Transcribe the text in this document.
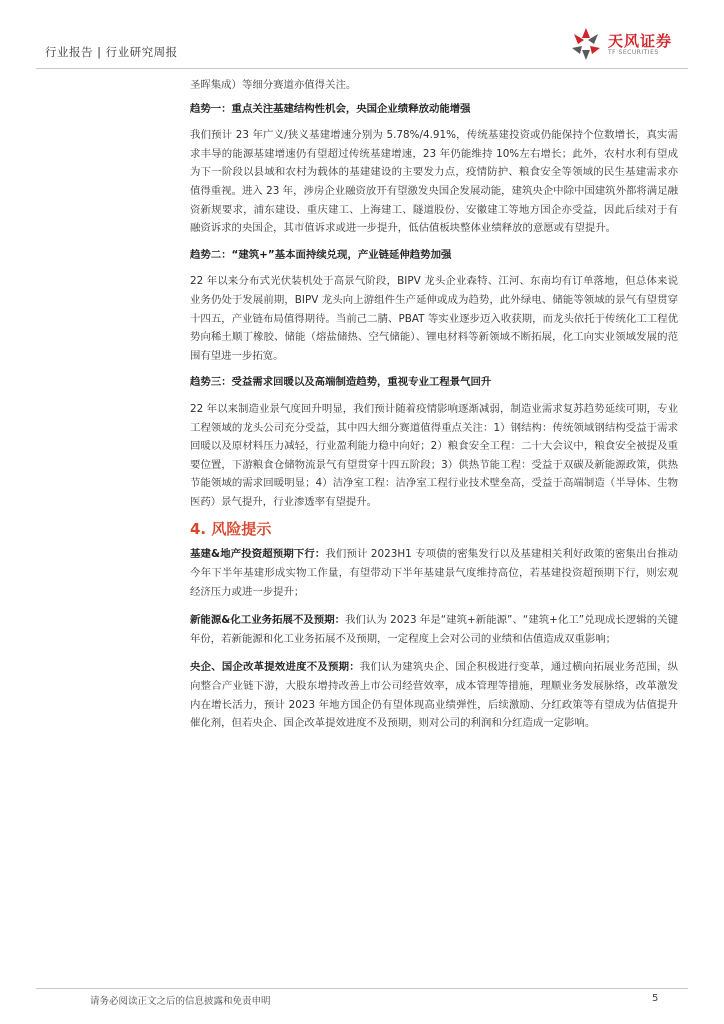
行业报告 | 行业研究周报
天风证券
TF SECURITIES

圣晖集成）等细分赛道亦值得关注。

趋势一：重点关注基建结构性机会，央国企业绩释放动能增强

我们预计 23 年广义/狭义基建增速分别为 5.78%/4.91%，传统基建投资或仍能保持个位数增长，真实需求丰导的能源基建增速仍有望超过传统基建增速，23 年仍能维持 10%左右增长；此外，农村水利有望成为下一阶段以县域和农村为载体的基建建设的主要发力点，疫情防护、粮食安全等领域的民生基建需求亦值得重视。进入 23 年，涉房企业融资放开有望激发央国企发展动能，建筑央企中除中国建筑外都将满足融资新规要求，浦东建设、重庆建工、上海建工、隧道股份、安徽建工等地方国企亦受益，因此后续对于有融资诉求的央国企，其市值诉求或进一步提升，低估值板块整体业绩释放的意愿或有望提升。

趋势二：“建筑+”基本面持续兑现，产业链延伸趋势加强

22 年以来分布式光伏装机处于高景气阶段，BIPV 龙头企业森特、江河、东南均有订单落地，但总体来说业务仍处于发展前期，BIPV 龙头向上游组件生产延伸或成为趋势，此外绿电、储能等领域的景气有望贯穿十四五，产业链布局值得期待。当前己二腈、PBAT 等实业逐步迈入收获期，而龙头依托于传统化工工程优势向稀土顺丁橡胶、储能（熔盐储热、空气储能）、锂电材料等新领域不断拓展，化工向实业领域发展的范围有望进一步拓宽。

趋势三：受益需求回暖以及高端制造趋势，重视专业工程景气回升

22 年以来制造业景气度回升明显，我们预计随着疫情影响逐渐减弱，制造业需求复苏趋势延续可期，专业工程领域的龙头公司充分受益，其中四大细分赛道值得重点关注：1）钢结构：传统领域钢结构受益于需求回暖以及原材料压力减轻，行业盈利能力稳中向好；2）粮食安全工程：二十大会议中，粮食安全被提及重要位置，下游粮食仓储物流景气有望贯穿十四五阶段；3）供热节能工程：受益于双碳及新能源政策，供热节能领域的需求回暖明显；4）洁净室工程：洁净室工程行业技术壁垒高，受益于高端制造（半导体、生物医药）景气提升，行业渗透率有望提升。

4. 风险提示

基建&地产投资超预期下行：我们预计 2023H1 专项债的密集发行以及基建相关利好政策的密集出台推动今年下半年基建形成实物工作量，有望带动下半年基建景气度维持高位，若基建投资超预期下行，则宏观经济压力或进一步提升；

新能源&化工业务拓展不及预期：我们认为 2023 年是“建筑+新能源”、“建筑+化工”兑现成长逻辑的关键年份，若新能源和化工业务拓展不及预期，一定程度上会对公司的业绩和估值造成双重影响；

央企、国企改革提效进度不及预期：我们认为建筑央企、国企积极进行变革，通过横向拓展业务范围，纵向整合产业链下游，大股东增持改善上市公司经营效率，成本管理等措施，理顺业务发展脉络，改革激发内在增长活力，预计 2023 年地方国企仍有望体现高业绩弹性，后续激励、分红政策等有望成为估值提升催化剂，但若央企、国企改革提效进度不及预期，则对公司的利润和分红造成一定影响。

请务必阅读正文之后的信息披露和免责申明	5
